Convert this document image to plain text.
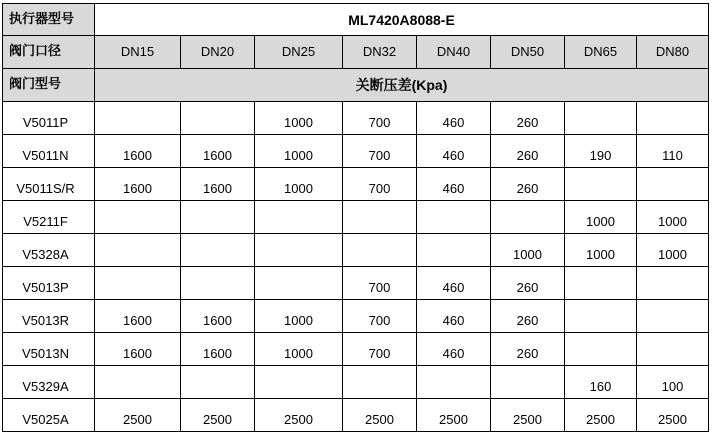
执行器型号	ML7420A8088-E							
阀门口径	DN15	DN20	DN25	DN32	DN40	DN50	DN65	DN80
阀门型号	关断压差(Kpa)							
V5011P			1000	700	460	260		
V5011N	1600	1600	1000	700	460	260	190	110
V5011S/R	1600	1600	1000	700	460	260		
V5211F							1000	1000
V5328A						1000	1000	1000
V5013P				700	460	260		
V5013R	1600	1600	1000	700	460	260		
V5013N	1600	1600	1000	700	460	260		
V5329A							160	100
V5025A	2500	2500	2500	2500	2500	2500	2500	2500
